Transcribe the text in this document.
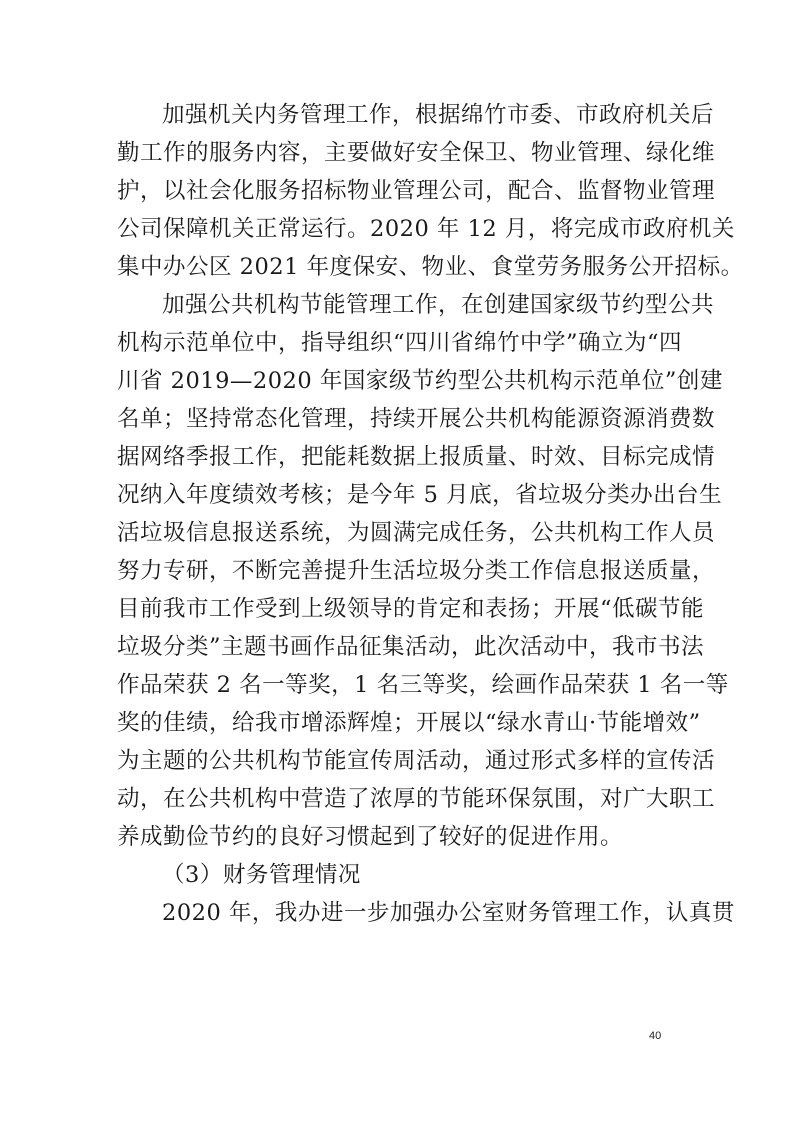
加强机关内务管理工作，根据绵竹市委、市政府机关后
勤工作的服务内容，主要做好安全保卫、物业管理、绿化维
护，以社会化服务招标物业管理公司，配合、监督物业管理
公司保障机关正常运行。2020 年 12 月，将完成市政府机关
集中办公区 2021 年度保安、物业、食堂劳务服务公开招标。
加强公共机构节能管理工作，在创建国家级节约型公共
机构示范单位中，指导组织“四川省绵竹中学”确立为“四
川省 2019—2020 年国家级节约型公共机构示范单位”创建
名单；坚持常态化管理，持续开展公共机构能源资源消费数
据网络季报工作，把能耗数据上报质量、时效、目标完成情
况纳入年度绩效考核；是今年 5 月底，省垃圾分类办出台生
活垃圾信息报送系统，为圆满完成任务，公共机构工作人员
努力专研，不断完善提升生活垃圾分类工作信息报送质量，
目前我市工作受到上级领导的肯定和表扬；开展“低碳节能
垃圾分类”主题书画作品征集活动，此次活动中，我市书法
作品荣获 2 名一等奖，1 名三等奖，绘画作品荣获 1 名一等
奖的佳绩，给我市增添辉煌；开展以“绿水青山·节能增效”
为主题的公共机构节能宣传周活动，通过形式多样的宣传活
动，在公共机构中营造了浓厚的节能环保氛围，对广大职工
养成勤俭节约的良好习惯起到了较好的促进作用。
（3）财务管理情况
2020 年，我办进一步加强办公室财务管理工作，认真贯
40
